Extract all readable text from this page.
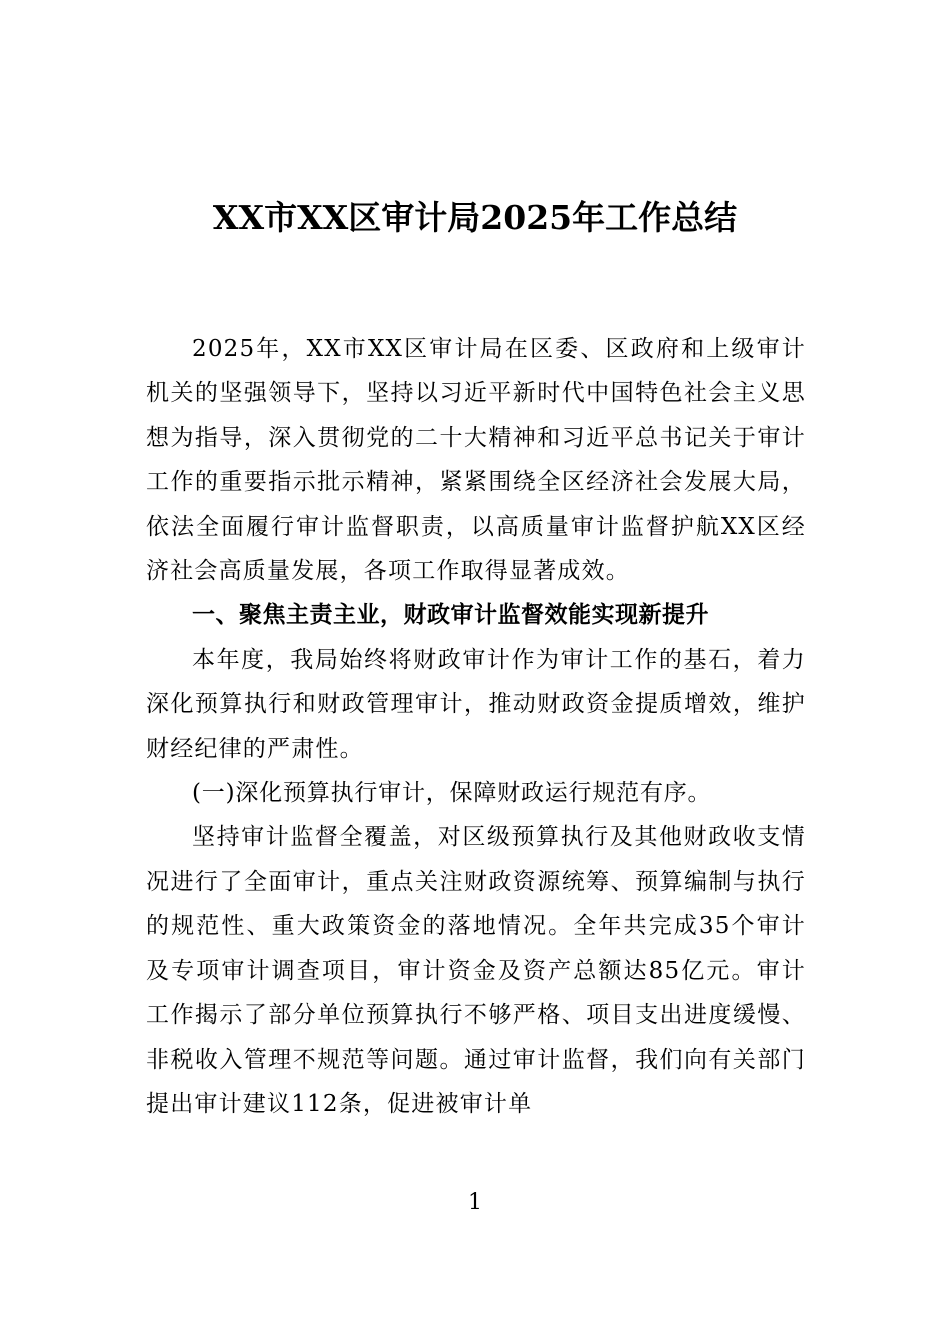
XX市XX区审计局2025年工作总结

2025年，XX市XX区审计局在区委、区政府和上级审计机关的坚强领导下，坚持以习近平新时代中国特色社会主义思想为指导，深入贯彻党的二十大精神和习近平总书记关于审计工作的重要指示批示精神，紧紧围绕全区经济社会发展大局，依法全面履行审计监督职责，以高质量审计监督护航XX区经济社会高质量发展，各项工作取得显著成效。

一、聚焦主责主业，财政审计监督效能实现新提升

本年度，我局始终将财政审计作为审计工作的基石，着力深化预算执行和财政管理审计，推动财政资金提质增效，维护财经纪律的严肃性。

(一)深化预算执行审计，保障财政运行规范有序。

坚持审计监督全覆盖，对区级预算执行及其他财政收支情况进行了全面审计，重点关注财政资源统筹、预算编制与执行的规范性、重大政策资金的落地情况。全年共完成35个审计及专项审计调查项目，审计资金及资产总额达85亿元。审计工作揭示了部分单位预算执行不够严格、项目支出进度缓慢、非税收入管理不规范等问题。通过审计监督，我们向有关部门提出审计建议112条，促进被审计单

1
